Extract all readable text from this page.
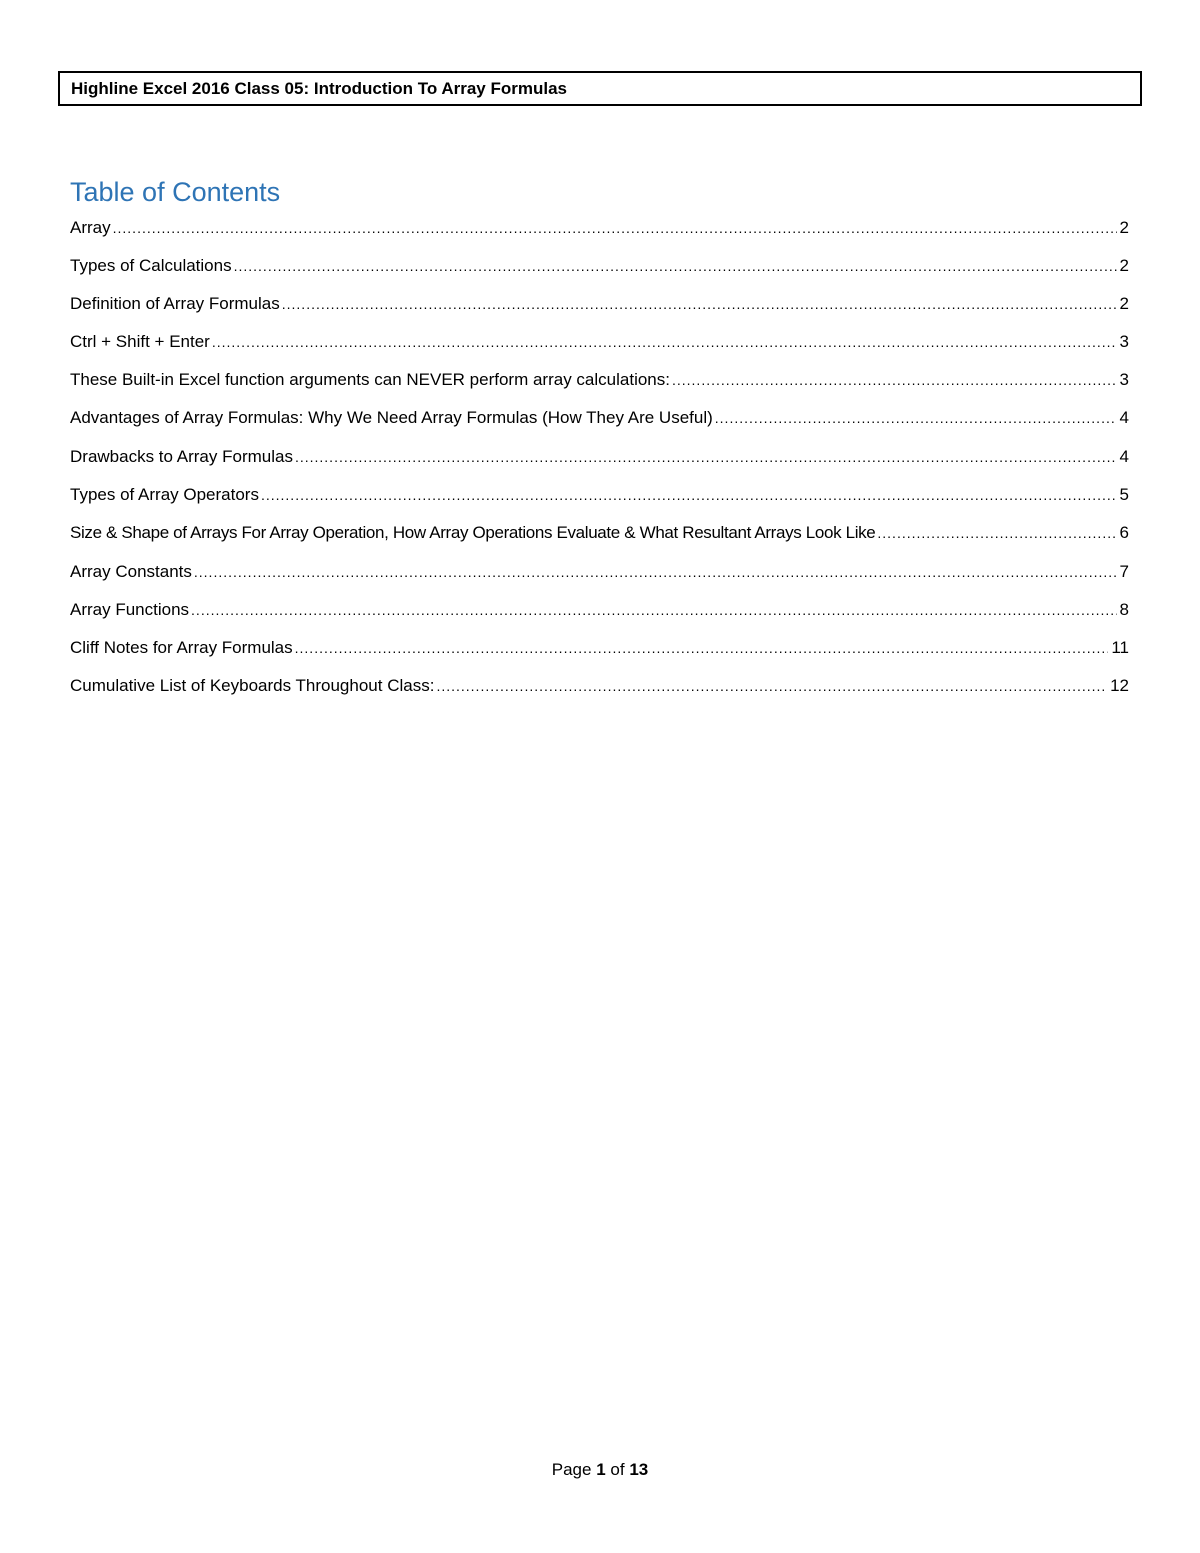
Highline Excel 2016 Class 05: Introduction To Array Formulas
Table of Contents
Array .....	2
Types of Calculations .....	2
Definition of Array Formulas .....	2
Ctrl + Shift + Enter .....	3
These Built-in Excel function arguments can NEVER perform array calculations: .....	3
Advantages of Array Formulas: Why We Need Array Formulas (How They Are Useful) .....	4
Drawbacks to Array Formulas .....	4
Types of Array Operators .....	5
Size & Shape of Arrays For Array Operation, How Array Operations Evaluate & What Resultant Arrays Look Like .....	6
Array Constants .....	7
Array Functions .....	8
Cliff Notes for Array Formulas .....	11
Cumulative List of Keyboards Throughout Class: .....	12
Page 1 of 13
